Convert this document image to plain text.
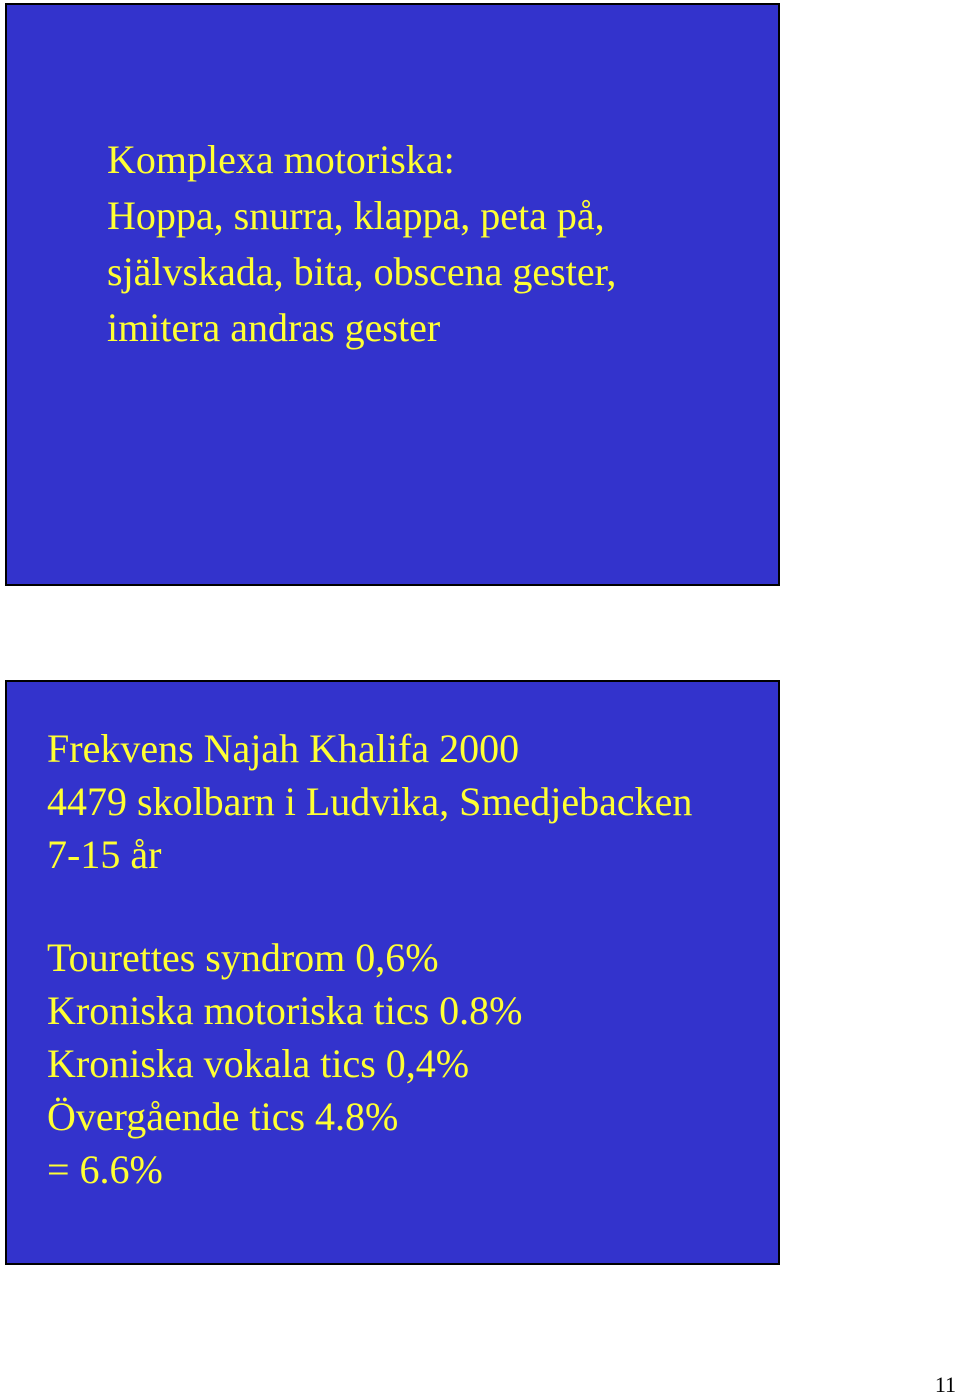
Komplexa motoriska:
Hoppa, snurra, klappa, peta på,
självskada, bita, obscena gester,
imitera andras gester
Frekvens Najah Khalifa 2000
4479 skolbarn i Ludvika, Smedjebacken
7-15 år
Tourettes syndrom 0,6%
Kroniska motoriska tics 0.8%
Kroniska vokala tics 0,4%
Övergående tics 4.8%
= 6.6%
11
